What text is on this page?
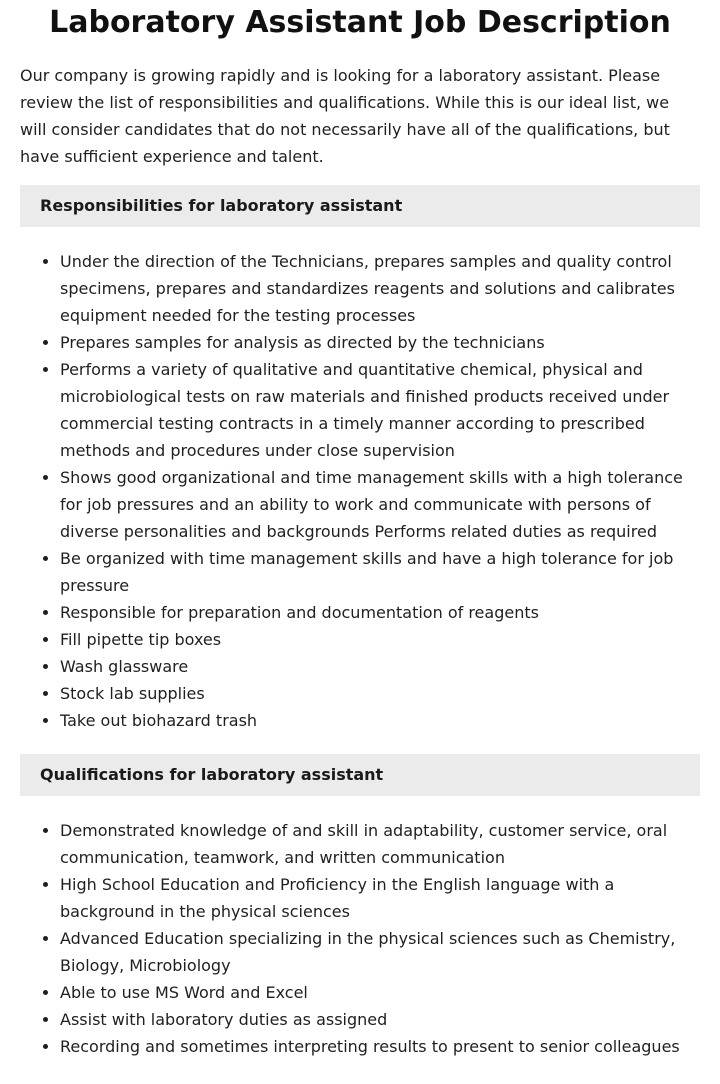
Laboratory Assistant Job Description

Our company is growing rapidly and is looking for a laboratory assistant. Please review the list of responsibilities and qualifications. While this is our ideal list, we will consider candidates that do not necessarily have all of the qualifications, but have sufficient experience and talent.

Responsibilities for laboratory assistant
Under the direction of the Technicians, prepares samples and quality control specimens, prepares and standardizes reagents and solutions and calibrates equipment needed for the testing processes
Prepares samples for analysis as directed by the technicians
Performs a variety of qualitative and quantitative chemical, physical and microbiological tests on raw materials and finished products received under commercial testing contracts in a timely manner according to prescribed methods and procedures under close supervision
Shows good organizational and time management skills with a high tolerance for job pressures and an ability to work and communicate with persons of diverse personalities and backgrounds Performs related duties as required
Be organized with time management skills and have a high tolerance for job pressure
Responsible for preparation and documentation of reagents
Fill pipette tip boxes
Wash glassware
Stock lab supplies
Take out biohazard trash
Qualifications for laboratory assistant
Demonstrated knowledge of and skill in adaptability, customer service, oral communication, teamwork, and written communication
High School Education and Proficiency in the English language with a background in the physical sciences
Advanced Education specializing in the physical sciences such as Chemistry, Biology, Microbiology
Able to use MS Word and Excel
Assist with laboratory duties as assigned
Recording and sometimes interpreting results to present to senior colleagues
